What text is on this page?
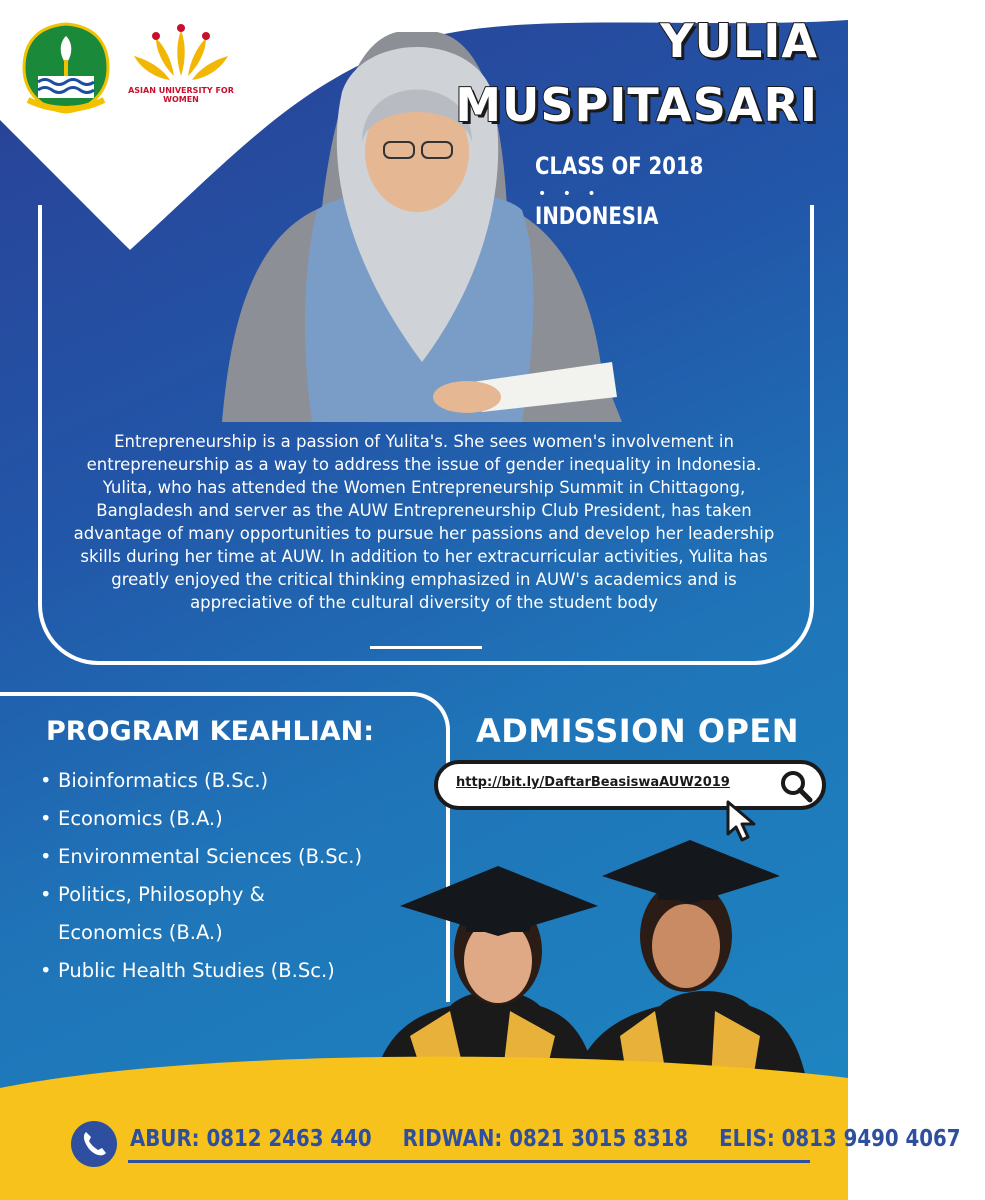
ASIAN UNIVERSITY FOR WOMEN
YULIA
MUSPITASARI
CLASS OF 2018
• • •
INDONESIA
Entrepreneurship is a passion of Yulita's. She sees women's involvement in entrepreneurship as a way to address the issue of gender inequality in Indonesia. Yulita, who has attended the Women Entrepreneurship Summit in Chittagong, Bangladesh and server as the AUW Entrepreneurship Club President, has taken advantage of many opportunities to pursue her passions and develop her leadership skills during her time at AUW. In addition to her extracurricular activities, Yulita has greatly enjoyed the critical thinking emphasized in AUW's academics and is appreciative of the cultural diversity of the student body
PROGRAM KEAHLIAN:
• Bioinformatics (B.Sc.)
• Economics (B.A.)
• Environmental Sciences (B.Sc.)
• Politics, Philosophy & Economics (B.A.)
• Public Health Studies (B.Sc.)
ADMISSION OPEN
http://bit.ly/DaftarBeasiswaAUW2019
ABUR: 0812 2463 440 RIDWAN: 0821 3015 8318 ELIS: 0813 9490 4067
